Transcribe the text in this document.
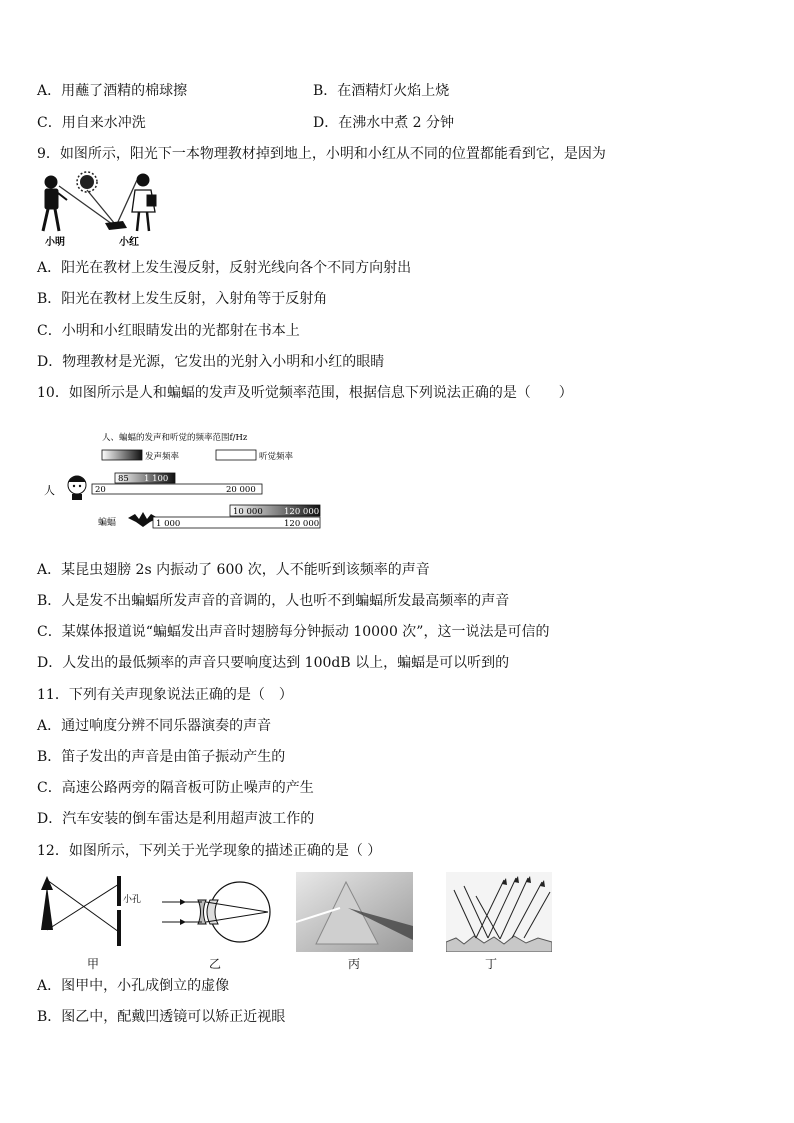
A．用蘸了酒精的棉球擦	B．在酒精灯火焰上烧
C．用自来水冲洗	D．在沸水中煮 2 分钟
9．如图所示，阳光下一本物理教材掉到地上，小明和小红从不同的位置都能看到它，是因为
小明	小红
A．阳光在教材上发生漫反射，反射光线向各个不同方向射出
B．阳光在教材上发生反射，入射角等于反射角
C．小明和小红眼睛发出的光都射在书本上
D．物理教材是光源，它发出的光射入小明和小红的眼睛
10．如图所示是人和蝙蝠的发声及听觉频率范围，根据信息下列说法正确的是（　　）
人、蝙蝠的发声和听觉的频率范围f/Hz
发声频率	听觉频率
人
85 1 100
20	20 000
10 000	120 000
蝙蝠	1 000	120 000
A．某昆虫翅膀 2s 内振动了 600 次，人不能听到该频率的声音
B．人是发不出蝙蝠所发声音的音调的，人也听不到蝙蝠所发最高频率的声音
C．某媒体报道说“蝙蝠发出声音时翅膀每分钟振动 10000 次”，这一说法是可信的
D．人发出的最低频率的声音只要响度达到 100dB 以上，蝙蝠是可以听到的
11．下列有关声现象说法正确的是（　）
A．通过响度分辨不同乐器演奏的声音
B．笛子发出的声音是由笛子振动产生的
C．高速公路两旁的隔音板可防止噪声的产生
D．汽车安装的倒车雷达是利用超声波工作的
12．如图所示，下列关于光学现象的描述正确的是（ ）
小孔
甲	乙	丙	丁
A．图甲中，小孔成倒立的虚像
B．图乙中，配戴凹透镜可以矫正近视眼
